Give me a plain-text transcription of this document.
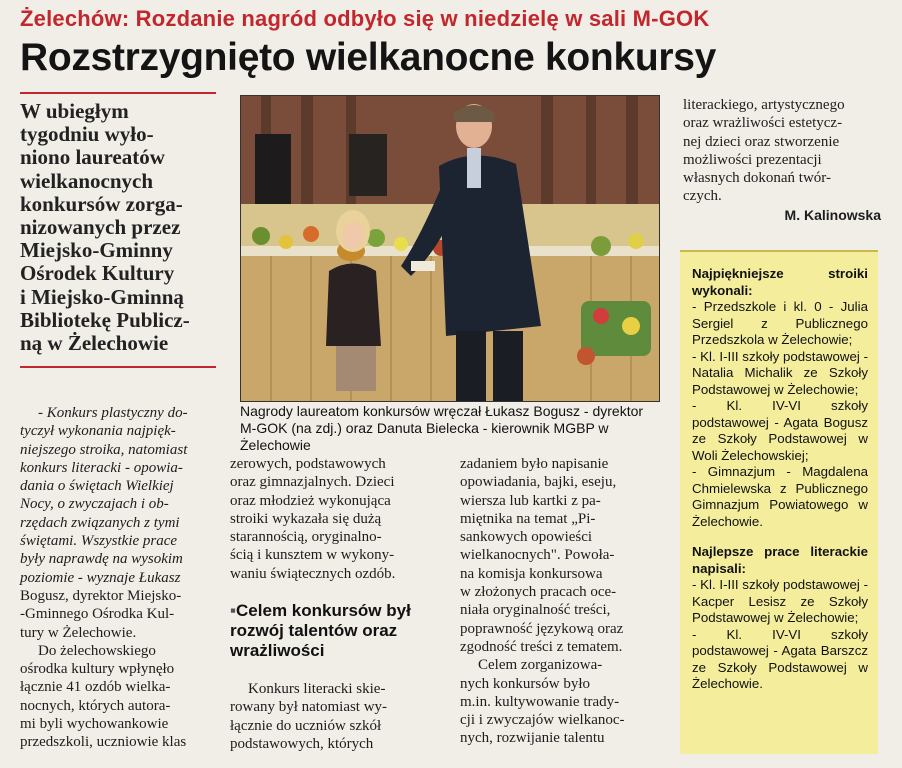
Żelechów: Rozdanie nagród odbyło się w niedzielę w sali M-GOK
Rozstrzygnięto wielkanocne konkursy

W ubiegłym

tygodniu wyło-

niono laureatów

wielkanocnych

konkursów zorga-

nizowanych przez

Miejsko-Gminny

Ośrodek Kultury

i Miejsko-Gminną

Bibliotekę Publicz-

ną w Żelechowie

- Konkurs plastyczny do-

tyczył wykonania najpięk-

niejszego stroika, natomiast

konkurs literacki - opowia-

dania o świętach Wielkiej

Nocy, o zwyczajach i ob-

rzędach związanych z tymi

świętami. Wszystkie prace

były naprawdę na wysokim

poziomie - wyznaje Łukasz

Bogusz, dyrektor Miejsko-

-Gminnego Ośrodka Kul-

tury w Żelechowie.

Do żelechowskiego

ośrodka kultury wpłynęło

łącznie 41 ozdób wielka-

nocnych, których autora-

mi byli wychowankowie

przedszkoli, uczniowie klas

Nagrody laureatom konkursów wręczał Łukasz Bogusz - dyrektor M-GOK (na zdj.) oraz Danuta Bielecka - kierownik MGBP w Żelechowie

literackiego, artystycznego

oraz wrażliwości estetycz-

nej dzieci oraz stworzenie

możliwości prezentacji

własnych dokonań twór-

czych.

M. Kalinowska

zerowych, podstawowych

oraz gimnazjalnych. Dzieci

oraz młodzież wykonująca

stroiki wykazała się dużą

starannością, oryginalno-

ścią i kunsztem w wykony-

waniu świątecznych ozdób.

▪Celem konkursów był rozwój talentów oraz wrażliwości

Konkurs literacki skie-

rowany był natomiast wy-

łącznie do uczniów szkół

podstawowych, których

zadaniem było napisanie

opowiadania, bajki, eseju,

wiersza lub kartki z pa-

miętnika na temat „Pi-

sankowych opowieści

wielkanocnych". Powoła-

na komisja konkursowa

w złożonych pracach oce-

niała oryginalność treści,

poprawność językową oraz

zgodność treści z tematem.

Celem zorganizowa-

nych konkursów było

m.in. kultywowanie trady-

cji i zwyczajów wielkanoc-

nych, rozwijanie talentu

Najpiękniejsze stroiki wykonali:

- Przedszkole i kl. 0 - Julia Sergiel z Publicznego Przedszkola w Żelechowie;

- Kl. I-III szkoły podstawowej - Natalia Michalik ze Szkoły Podstawowej w Żelechowie;

- Kl. IV-VI szkoły podstawowej - Agata Bogusz ze Szkoły Podstawowej w Woli Żelechowskiej;

- Gimnazjum - Magdalena Chmielewska z Publicznego Gimnazjum Powiatowego w Żelechowie.

Najlepsze prace literackie napisali:

- Kl. I-III szkoły podstawowej - Kacper Lesisz ze Szkoły Podstawowej w Żelechowie;

- Kl. IV-VI szkoły podstawowej - Agata Barszcz ze Szkoły Podstawowej w Żelechowie.
